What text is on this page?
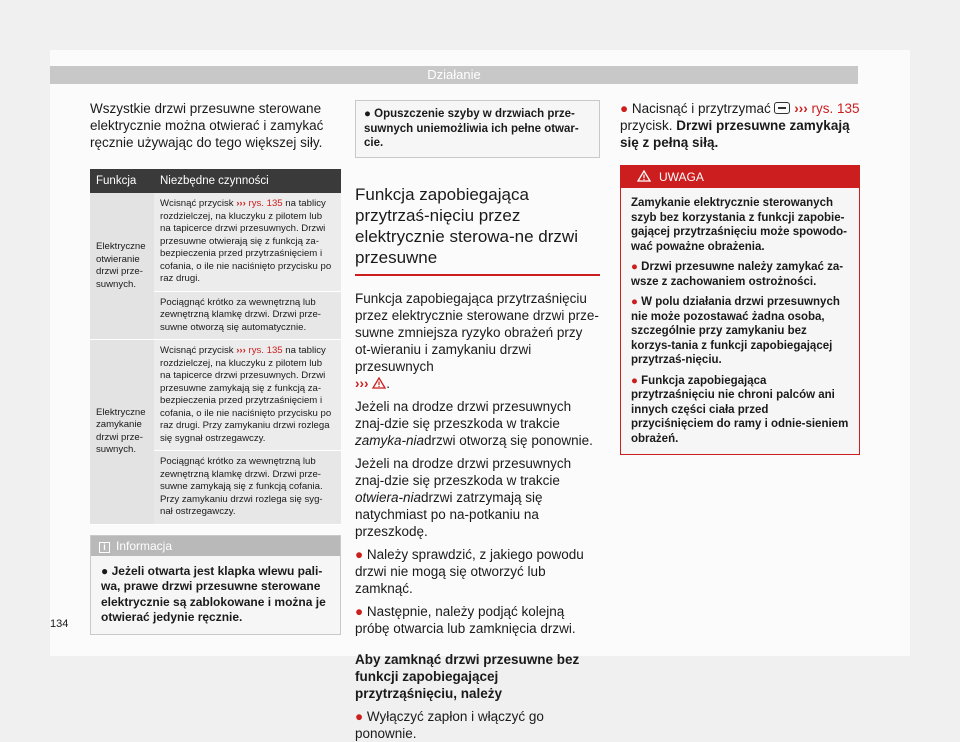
Działanie

Wszystkie drzwi przesuwne sterowane elektrycznie można otwierać i zamykać ręcznie używając do tego większej siły.

Funkcja	Niezbędne czynności
Elektryczne otwieranie drzwi prze-suwnych.	Wcisnąć przycisk ››› rys. 135 na tablicy rozdzielczej, na kluczyku z pilotem lub na tapicerce drzwi przesuwnych. Drzwi przesuwne otwierają się z funkcją za-bezpieczenia przed przytrzaśnięciem i cofania, o ile nie naciśnięto przycisku po raz drugi.
	Pociągnąć krótko za wewnętrzną lub zewnętrzną klamkę drzwi. Drzwi prze-suwne otworzą się automatycznie.
Elektryczne zamykanie drzwi prze-suwnych.	Wcisnąć przycisk ››› rys. 135 na tablicy rozdzielczej, na kluczyku z pilotem lub na tapicerce drzwi przesuwnych. Drzwi przesuwne zamykają się z funkcją za-bezpieczenia przed przytrzaśnięciem i cofania, o ile nie naciśnięto przycisku po raz drugi. Przy zamykaniu drzwi rozlega się sygnał ostrzegawczy.
	Pociągnąć krótko za wewnętrzną lub zewnętrzną klamkę drzwi. Drzwi prze-suwne zamykają się z funkcją cofania. Przy zamykaniu drzwi rozlega się syg-nał ostrzegawczy.
i Informacja
● Jeżeli otwarta jest klapka wlewu pali-wa, prawe drzwi przesuwne sterowane elektrycznie są zablokowane i można je otwierać jedynie ręcznie.
● Opuszczenie szyby w drzwiach prze-suwnych uniemożliwia ich pełne otwar-cie.
Funkcja zapobiegająca przytrzaś-nięciu przez elektrycznie sterowa-ne drzwi przesuwne

Funkcja zapobiegająca przytrzaśnięciu przez elektrycznie sterowane drzwi prze-suwne zmniejsza ryzyko obrażeń przy ot-wieraniu i zamykaniu drzwi przesuwnych
››› .

Jeżeli na drodze drzwi przesuwnych znaj-dzie się przeszkoda w trakcie zamyka-niadrzwi otworzą się ponownie.

Jeżeli na drodze drzwi przesuwnych znaj-dzie się przeszkoda w trakcie otwiera-niadrzwi zatrzymają się natychmiast po na-potkaniu na przeszkodę.

● Należy sprawdzić, z jakiego powodu drzwi nie mogą się otworzyć lub zamknąć.

● Następnie, należy podjąć kolejną próbę otwarcia lub zamknięcia drzwi.

Aby zamknąć drzwi przesuwne bez funkcji zapobiegającej przytrząśnięciu, należy

● Wyłączyć zapłon i włączyć go ponownie.

● Nacisnąć i przytrzymać  ››› rys. 135
przycisk. Drzwi przesuwne zamykają się z pełną siłą.

UWAGA

Zamykanie elektrycznie sterowanych szyb bez korzystania z funkcji zapobie-gającej przytrzaśnięciu może spowodo-wać poważne obrażenia.

● Drzwi przesuwne należy zamykać za-wsze z zachowaniem ostrożności.

● W polu działania drzwi przesuwnych nie może pozostawać żadna osoba, szczególnie przy zamykaniu bez korzys-tania z funkcji zapobiegającej przytrzaś-nięciu.

● Funkcja zapobiegająca przytrzaśnięciu nie chroni palców ani innych części ciała przed przyciśnięciem do ramy i odnie-sieniem obrażeń.

134
